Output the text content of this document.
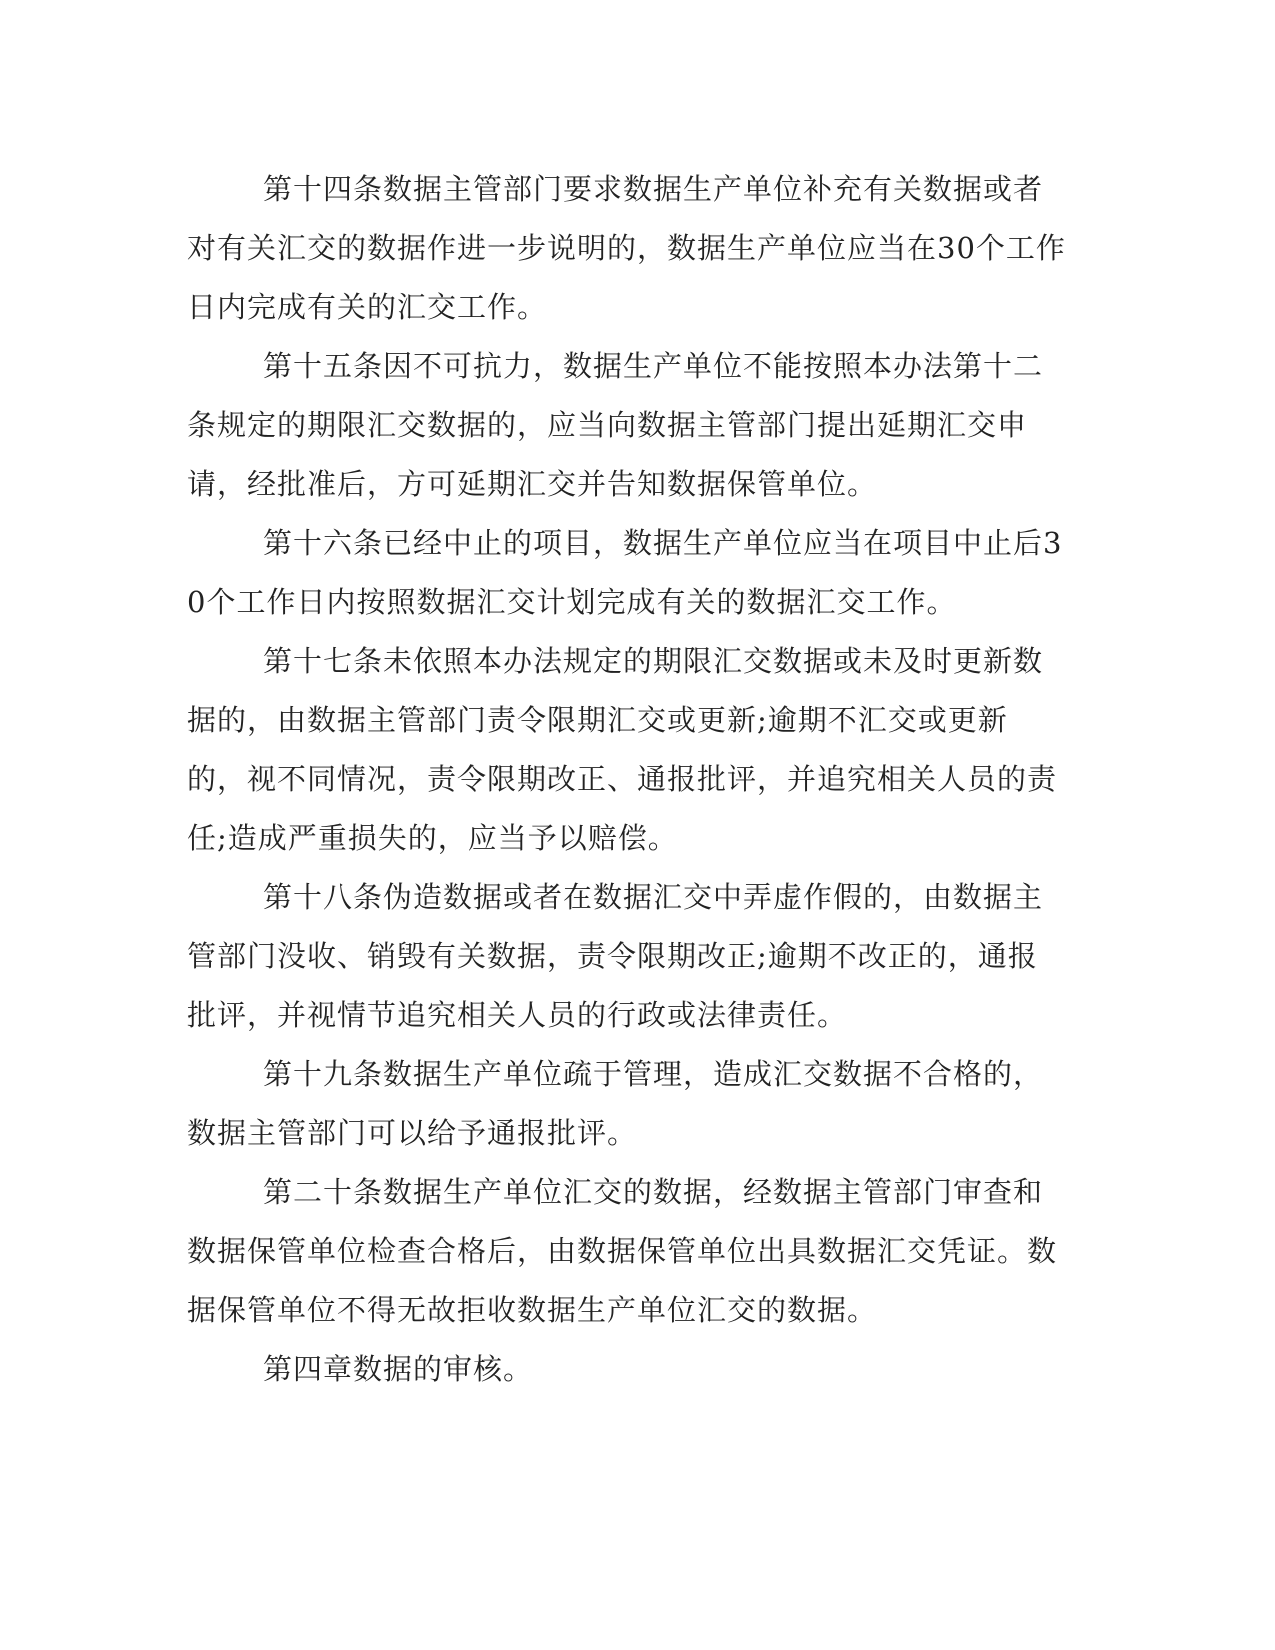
第十四条数据主管部门要求数据生产单位补充有关数据或者对有关汇交的数据作进一步说明的，数据生产单位应当在30个工作日内完成有关的汇交工作。

第十五条因不可抗力，数据生产单位不能按照本办法第十二条规定的期限汇交数据的，应当向数据主管部门提出延期汇交申请，经批准后，方可延期汇交并告知数据保管单位。

第十六条已经中止的项目，数据生产单位应当在项目中止后30个工作日内按照数据汇交计划完成有关的数据汇交工作。

第十七条未依照本办法规定的期限汇交数据或未及时更新数据的，由数据主管部门责令限期汇交或更新;逾期不汇交或更新的，视不同情况，责令限期改正、通报批评，并追究相关人员的责任;造成严重损失的，应当予以赔偿。

第十八条伪造数据或者在数据汇交中弄虚作假的，由数据主管部门没收、销毁有关数据，责令限期改正;逾期不改正的，通报批评，并视情节追究相关人员的行政或法律责任。

第十九条数据生产单位疏于管理，造成汇交数据不合格的，数据主管部门可以给予通报批评。

第二十条数据生产单位汇交的数据，经数据主管部门审查和数据保管单位检查合格后，由数据保管单位出具数据汇交凭证。数据保管单位不得无故拒收数据生产单位汇交的数据。

第四章数据的审核。
